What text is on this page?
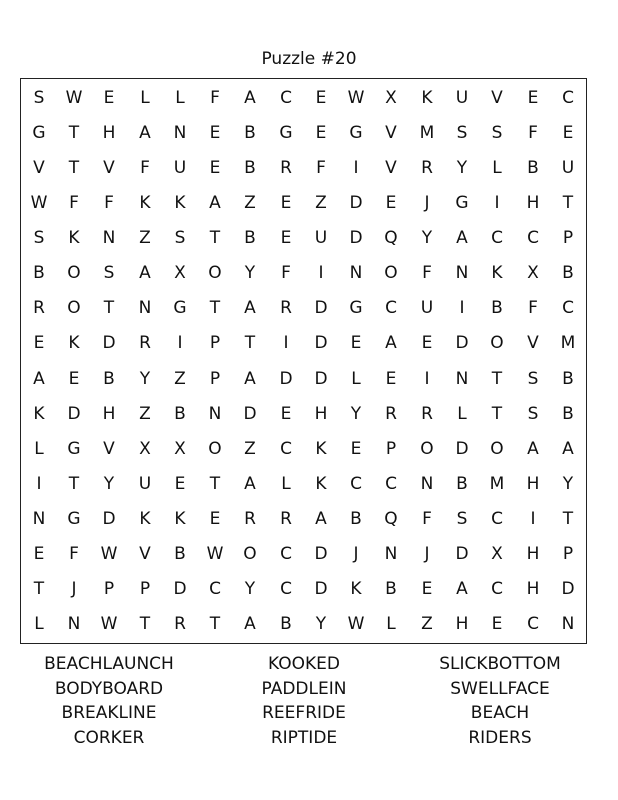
Puzzle #20
S	W	E	L	L	F	A	C	E	W	X	K	U	V	E	C
G	T	H	A	N	E	B	G	E	G	V	M	S	S	F	E
V	T	V	F	U	E	B	R	F	I	V	R	Y	L	B	U
W	F	F	K	K	A	Z	E	Z	D	E	J	G	I	H	T
S	K	N	Z	S	T	B	E	U	D	Q	Y	A	C	C	P
B	O	S	A	X	O	Y	F	I	N	O	F	N	K	X	B
R	O	T	N	G	T	A	R	D	G	C	U	I	B	F	C
E	K	D	R	I	P	T	I	D	E	A	E	D	O	V	M
A	E	B	Y	Z	P	A	D	D	L	E	I	N	T	S	B
K	D	H	Z	B	N	D	E	H	Y	R	R	L	T	S	B
L	G	V	X	X	O	Z	C	K	E	P	O	D	O	A	A
I	T	Y	U	E	T	A	L	K	C	C	N	B	M	H	Y
N	G	D	K	K	E	R	R	A	B	Q	F	S	C	I	T
E	F	W	V	B	W	O	C	D	J	N	J	D	X	H	P
T	J	P	P	D	C	Y	C	D	K	B	E	A	C	H	D
L	N	W	T	R	T	A	B	Y	W	L	Z	H	E	C	N
BEACHLAUNCH
BODYBOARD
BREAKLINE
CORKER
KOOKED
PADDLEIN
REEFRIDE
RIPTIDE
SLICKBOTTOM
SWELLFACE
BEACH
RIDERS
